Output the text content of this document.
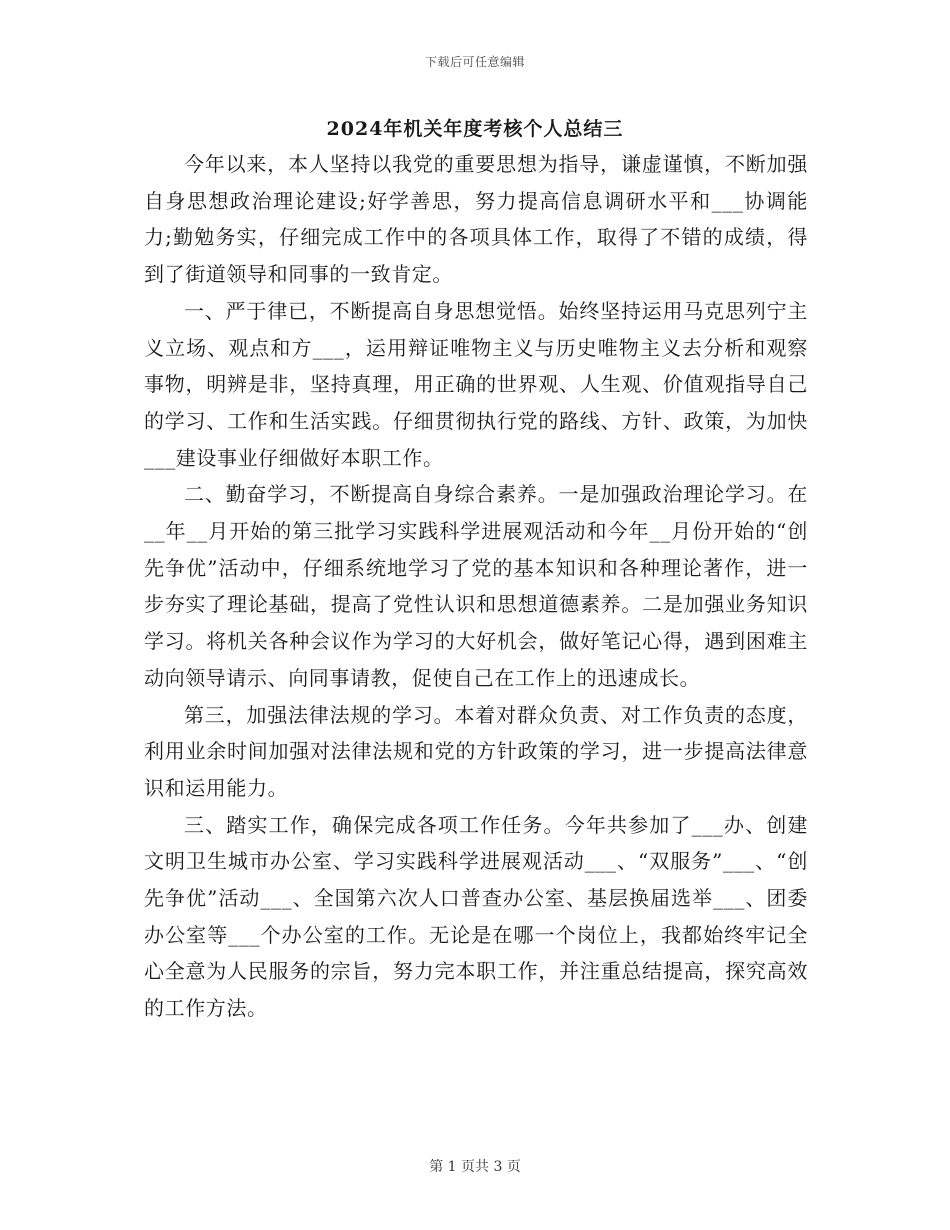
下载后可任意编辑
2024年机关年度考核个人总结三

今年以来，本人坚持以我党的重要思想为指导，谦虚谨慎，不断加强自身思想政治理论建设;好学善思，努力提高信息调研水平和___协调能力;勤勉务实，仔细完成工作中的各项具体工作，取得了不错的成绩，得到了街道领导和同事的一致肯定。

一、严于律已，不断提高自身思想觉悟。始终坚持运用马克思列宁主义立场、观点和方___，运用辩证唯物主义与历史唯物主义去分析和观察事物，明辨是非，坚持真理，用正确的世界观、人生观、价值观指导自己的学习、工作和生活实践。仔细贯彻执行党的路线、方针、政策，为加快___建设事业仔细做好本职工作。

二、勤奋学习，不断提高自身综合素养。一是加强政治理论学习。在__年__月开始的第三批学习实践科学进展观活动和今年__月份开始的“创先争优”活动中，仔细系统地学习了党的基本知识和各种理论著作，进一步夯实了理论基础，提高了党性认识和思想道德素养。二是加强业务知识学习。将机关各种会议作为学习的大好机会，做好笔记心得，遇到困难主动向领导请示、向同事请教，促使自己在工作上的迅速成长。

第三，加强法律法规的学习。本着对群众负责、对工作负责的态度，利用业余时间加强对法律法规和党的方针政策的学习，进一步提高法律意识和运用能力。

三、踏实工作，确保完成各项工作任务。今年共参加了___办、创建文明卫生城市办公室、学习实践科学进展观活动___、“双服务”___、“创先争优”活动___、全国第六次人口普查办公室、基层换届选举___、团委办公室等___个办公室的工作。无论是在哪一个岗位上，我都始终牢记全心全意为人民服务的宗旨，努力完本职工作，并注重总结提高，探究高效的工作方法。

第 1 页共 3 页
